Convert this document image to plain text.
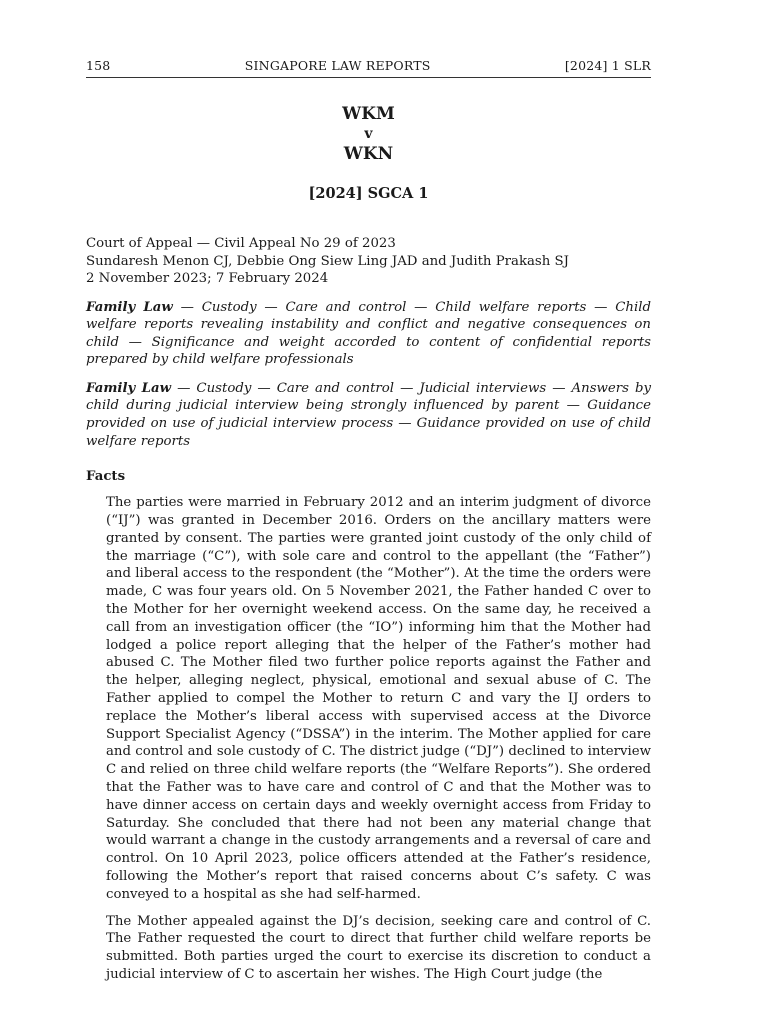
158	SINGAPORE LAW REPORTS	[2024] 1 SLR
WKM
v
WKN
[2024] SGCA 1
Court of Appeal — Civil Appeal No 29 of 2023
Sundaresh Menon CJ, Debbie Ong Siew Ling JAD and Judith Prakash SJ
2 November 2023; 7 February 2024
Family Law — Custody — Care and control — Child welfare reports — Child welfare reports revealing instability and conflict and negative consequences on child — Significance and weight accorded to content of confidential reports prepared by child welfare professionals
Family Law — Custody — Care and control — Judicial interviews — Answers by child during judicial interview being strongly influenced by parent — Guidance provided on use of judicial interview process — Guidance provided on use of child welfare reports
Facts
The parties were married in February 2012 and an interim judgment of divorce (“IJ”) was granted in December 2016. Orders on the ancillary matters were granted by consent. The parties were granted joint custody of the only child of the marriage (“C”), with sole care and control to the appellant (the “Father”) and liberal access to the respondent (the “Mother”). At the time the orders were made, C was four years old. On 5 November 2021, the Father handed C over to the Mother for her overnight weekend access. On the same day, he received a call from an investigation officer (the “IO”) informing him that the Mother had lodged a police report alleging that the helper of the Father’s mother had abused C. The Mother filed two further police reports against the Father and the helper, alleging neglect, physical, emotional and sexual abuse of C. The Father applied to compel the Mother to return C and vary the IJ orders to replace the Mother’s liberal access with supervised access at the Divorce Support Specialist Agency (“DSSA”) in the interim. The Mother applied for care and control and sole custody of C. The district judge (“DJ”) declined to interview C and relied on three child welfare reports (the “Welfare Reports”). She ordered that the Father was to have care and control of C and that the Mother was to have dinner access on certain days and weekly overnight access from Friday to Saturday. She concluded that there had not been any material change that would warrant a change in the custody arrangements and a reversal of care and control. On 10 April 2023, police officers attended at the Father’s residence, following the Mother’s report that raised concerns about C’s safety. C was conveyed to a hospital as she had self-harmed.
The Mother appealed against the DJ’s decision, seeking care and control of C. The Father requested the court to direct that further child welfare reports be submitted. Both parties urged the court to exercise its discretion to conduct a judicial interview of C to ascertain her wishes. The High Court judge (the
